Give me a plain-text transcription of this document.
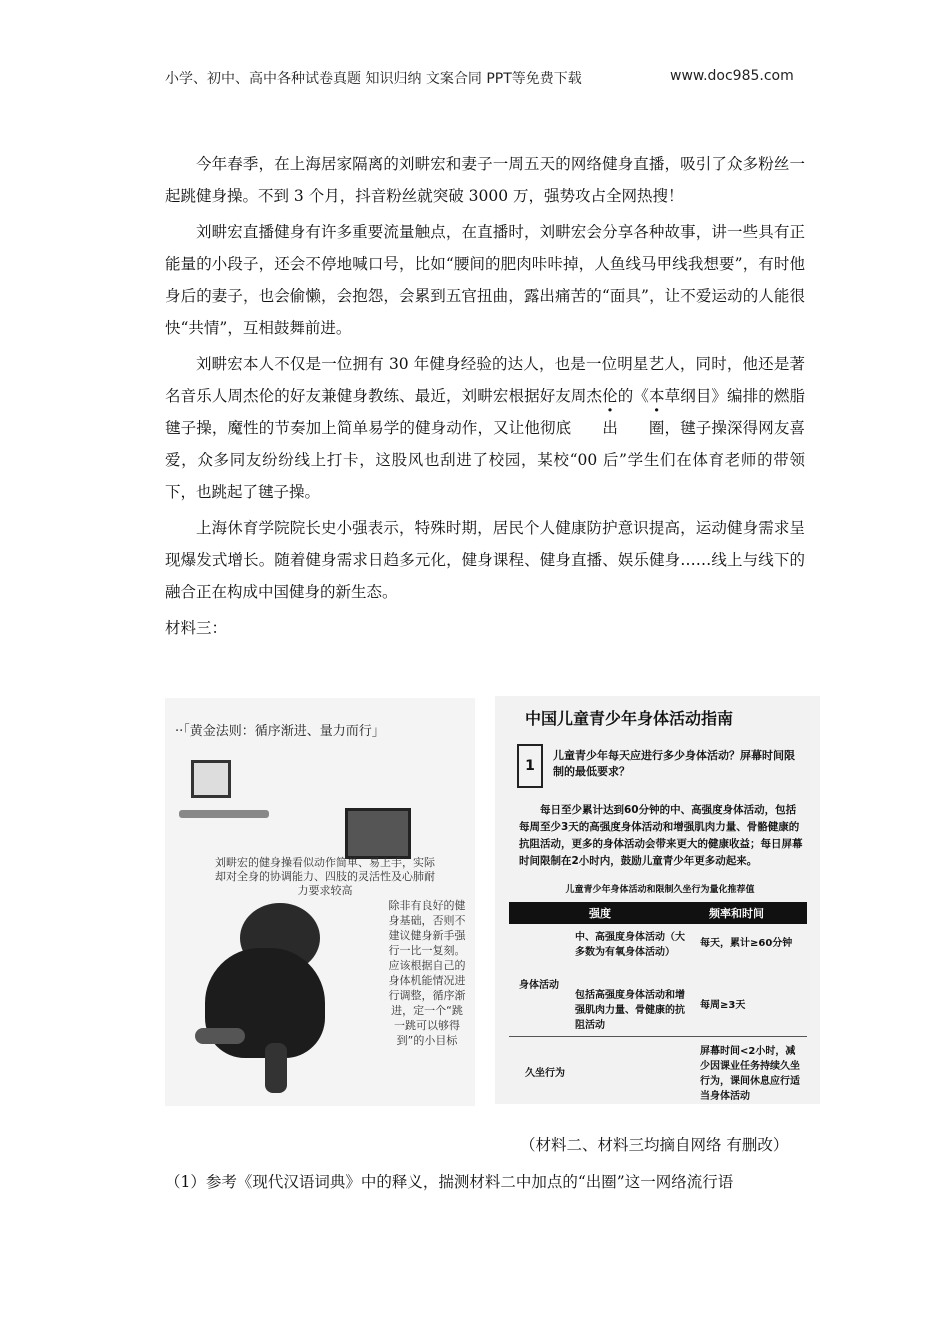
小学、初中、高中各种试卷真题 知识归纳 文案合同 PPT等免费下载	www.doc985.com

今年春季，在上海居家隔离的刘畊宏和妻子一周五天的网络健身直播，吸引了众多粉丝一起跳健身操。不到 3 个月，抖音粉丝就突破 3000 万，强势攻占全网热搜！

刘畊宏直播健身有许多重要流量触点，在直播时，刘畊宏会分享各种故事，讲一些具有正能量的小段子，还会不停地喊口号，比如“腰间的肥肉咔咔掉，人鱼线马甲线我想要”，有时他身后的妻子，也会偷懒，会抱怨，会累到五官扭曲，露出痛苦的“面具”，让不爱运动的人能很快“共情”，互相鼓舞前进。

刘畊宏本人不仅是一位拥有 30 年健身经验的达人，也是一位明星艺人，同时，他还是著名音乐人周杰伦的好友兼健身教练、最近，刘畊宏根据好友周杰伦的《本草纲目》编排的燃脂毽子操，魔性的节奏加上简单易学的健身动作，又让他彻底 出 圈，毽子操深得网友喜爱，众多同友纷纷线上打卡，这股风也刮进了校园，某校“00 后”学生们在体育老师的带领下，也跳起了毽子操。

上海休育学院院长史小强表示，特殊时期，居民个人健康防护意识提高，运动健身需求呈现爆发式增长。随着健身需求日趋多元化，健身课程、健身直播、娱乐健身……线上与线下的融合正在构成中国健身的新生态。

材料三：

··「黄金法则：循序渐进、量力而行」
刘畊宏的健身操看似动作简单、易上手，实际却对全身的协调能力、四肢的灵活性及心肺耐力要求较高
除非有良好的健身基础，否则不建议健身新手强行一比一复刻。应该根据自己的身体机能情况进行调整，循序渐进，定一个“跳一跳可以够得到”的小目标
中国儿童青少年身体活动指南
1
儿童青少年每天应进行多少身体活动？屏幕时间限制的最低要求？
每日至少累计达到60分钟的中、高强度身体活动，包括每周至少3天的高强度身体活动和增强肌肉力量、骨骼健康的抗阻活动，更多的身体活动会带来更大的健康收益；每日屏幕时间限制在2小时内，鼓励儿童青少年更多动起来。
儿童青少年身体活动和限制久坐行为量化推荐值
强度	频率和时间
中、高强度身体活动（大多数为有氧身体活动）
每天，累计≥60分钟
身体活动
包括高强度身体活动和增强肌肉力量、骨健康的抗阻活动
每周≥3天
久坐行为
屏幕时间<2小时，减少因课业任务持续久坐行为，课间休息应行适当身体活动
（材料二、材料三均摘自网络 有删改）
（1）参考《现代汉语词典》中的释义，揣测材料二中加点的“出圈”这一网络流行语
